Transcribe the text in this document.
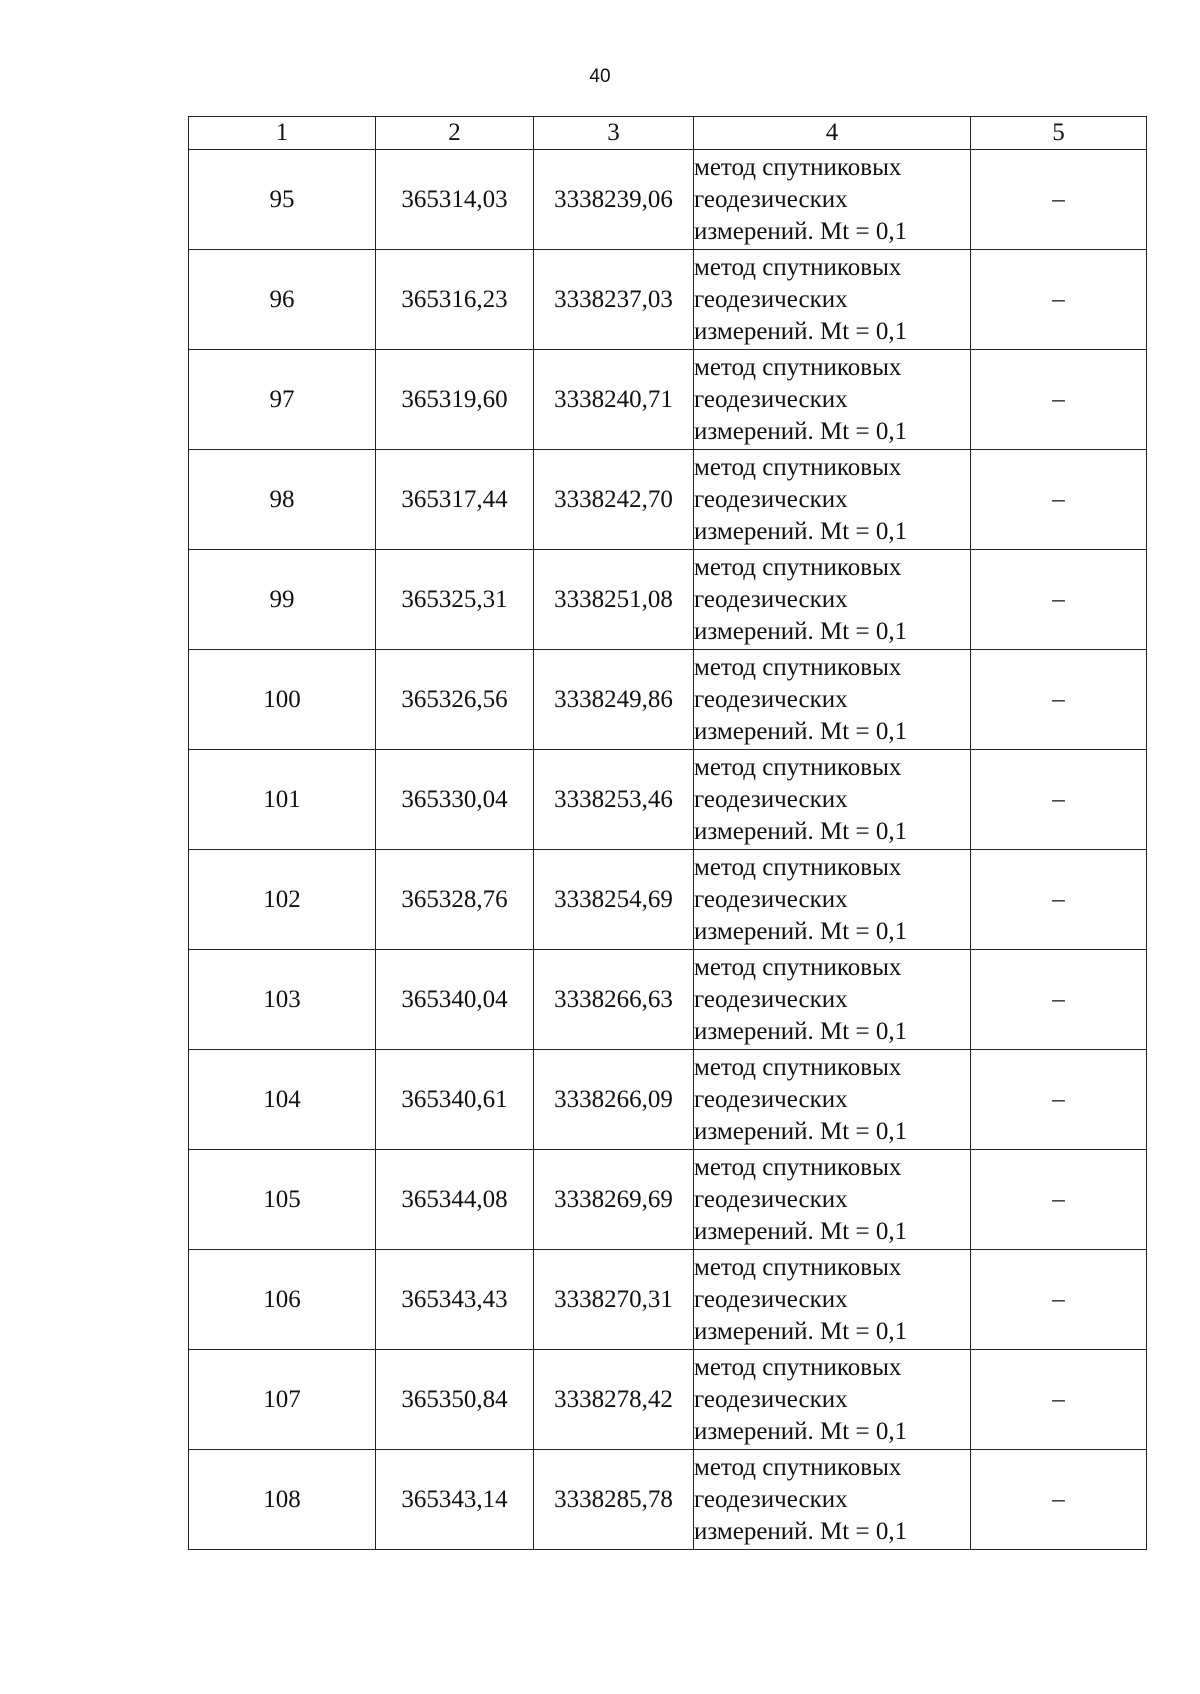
40
1	2	3	4	5
95	365314,03	3338239,06	метод спутниковых
геодезических
измерений. Mt = 0,1	–
96	365316,23	3338237,03	метод спутниковых
геодезических
измерений. Mt = 0,1	–
97	365319,60	3338240,71	метод спутниковых
геодезических
измерений. Mt = 0,1	–
98	365317,44	3338242,70	метод спутниковых
геодезических
измерений. Mt = 0,1	–
99	365325,31	3338251,08	метод спутниковых
геодезических
измерений. Mt = 0,1	–
100	365326,56	3338249,86	метод спутниковых
геодезических
измерений. Mt = 0,1	–
101	365330,04	3338253,46	метод спутниковых
геодезических
измерений. Mt = 0,1	–
102	365328,76	3338254,69	метод спутниковых
геодезических
измерений. Mt = 0,1	–
103	365340,04	3338266,63	метод спутниковых
геодезических
измерений. Mt = 0,1	–
104	365340,61	3338266,09	метод спутниковых
геодезических
измерений. Mt = 0,1	–
105	365344,08	3338269,69	метод спутниковых
геодезических
измерений. Mt = 0,1	–
106	365343,43	3338270,31	метод спутниковых
геодезических
измерений. Mt = 0,1	–
107	365350,84	3338278,42	метод спутниковых
геодезических
измерений. Mt = 0,1	–
108	365343,14	3338285,78	метод спутниковых
геодезических
измерений. Mt = 0,1	–
